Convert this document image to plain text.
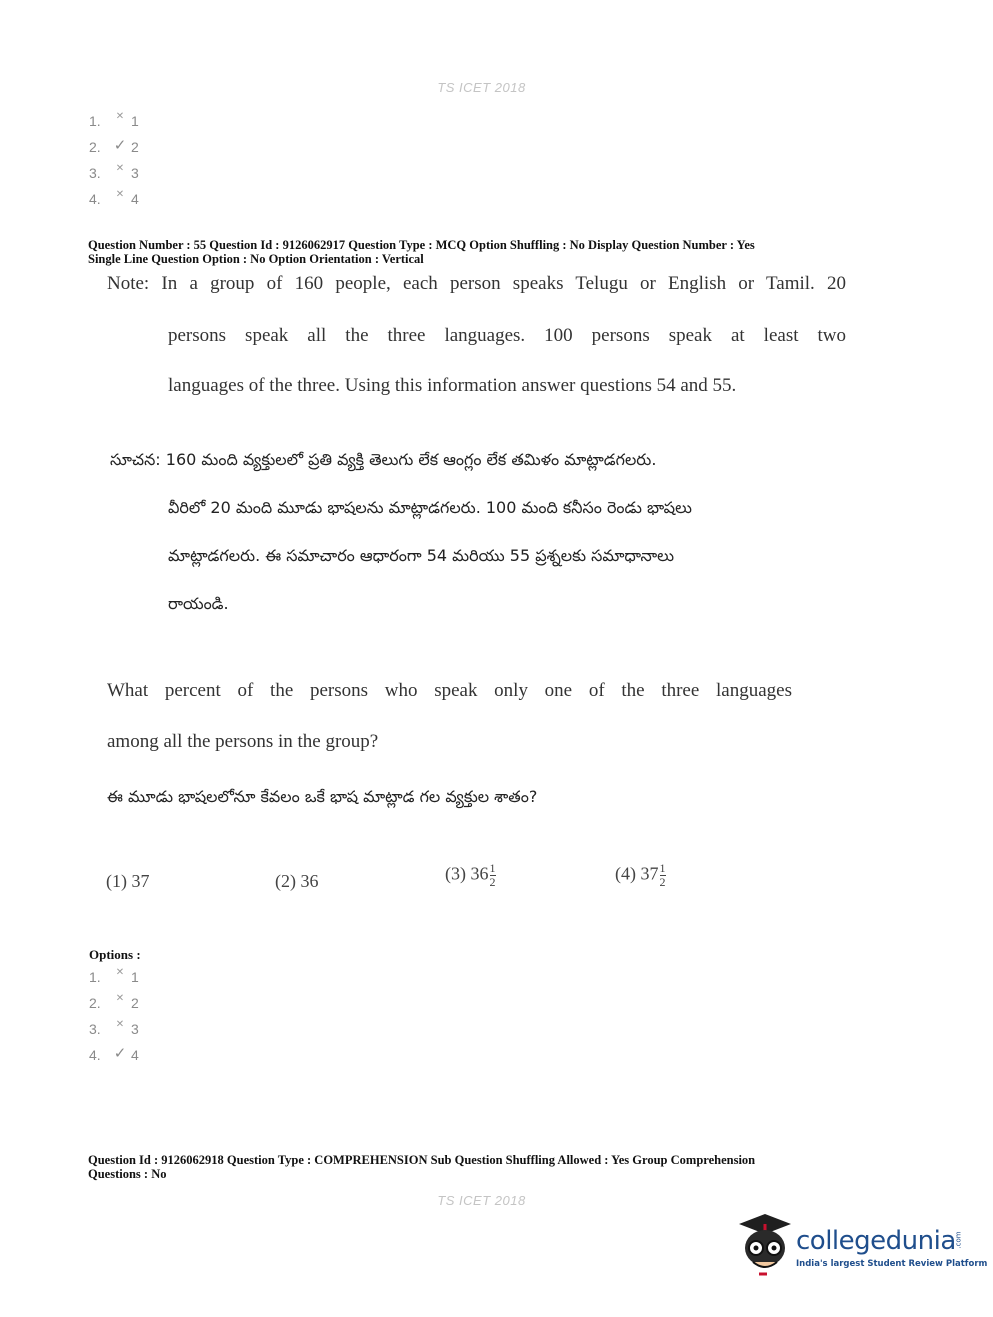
TS ICET 2018
1.	✕ 1
2. ✓ 2
3.	✕ 3
4.	✕ 4
Question Number : 55 Question Id : 9126062917 Question Type : MCQ Option Shuffling : No Display Question Number : Yes
Single Line Question Option : No Option Orientation : Vertical
Note: In a group of 160 people, each person speaks Telugu or English or Tamil. 20
persons speak all the three languages. 100 persons speak at least two
languages of the three. Using this information answer questions 54 and 55.
సూచన: 160 మంది వ్యక్తులలో ప్రతి వ్యక్తి తెలుగు లేక ఆంగ్లం లేక తమిళం మాట్లాడగలరు.
వీరిలో 20 మంది మూడు భాషలను మాట్లాడగలరు. 100 మంది కనీసం రెండు భాషలు
మాట్లాడగలరు. ఈ సమాచారం ఆధారంగా 54 మరియు 55 ప్రశ్నలకు సమాధానాలు
రాయండి.
What percent of the persons who speak only one of the three languages
among all the persons in the group?
ఈ మూడు భాషలలోనూ కేవలం ఒకే భాష మాట్లాడ గల వ్యక్తుల శాతం?
(1) 37	(2) 36	(3) $36 \frac{1}{2}$	(4) $37 \frac{1}{2}$
Options :
1.	✕ 1
2.	✕ 2
3.	✕ 3
4. ✓ 4
Question Id : 9126062918 Question Type : COMPREHENSION Sub Question Shuffling Allowed : Yes Group Comprehension
Questions : No
TS ICET 2018
collegedunia
.com
India's largest Student Review Platform
